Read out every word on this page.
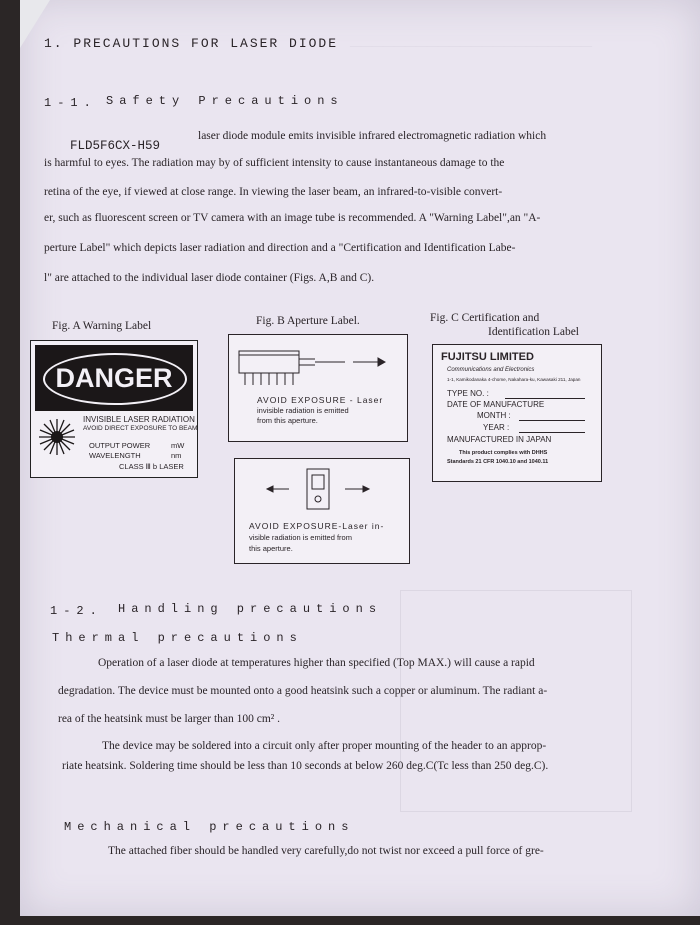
——————————————————————
1. PRECAUTIONS FOR LASER DIODE
1-1. Safety Precautions
FLD5F6CX-H59
laser diode module emits invisible infrared electromagnetic radiation which
is harmful to eyes. The radiation may by of sufficient intensity to cause instantaneous damage to the
retina of the eye, if viewed at close range. In viewing the laser beam, an infrared-to-visible convert-
er, such as fluorescent screen or TV camera with an image tube is recommended. A "Warning Label",an "A-
perture Label" which depicts laser radiation and direction and a "Certification and Identification Labe-
l" are attached to the individual laser diode container (Figs. A,B and C).
Fig. A Warning Label	Fig. B Aperture Label.	Fig. C Certification and
Identification Label
DANGER
INVISIBLE LASER RADIATION
AVOID DIRECT EXPOSURE TO BEAM
OUTPUT POWER	mW
WAVELENGTH	nm
CLASS Ⅲ b LASER
AVOID EXPOSURE - Laser
invisible radiation is emitted
from this aperture.
AVOID EXPOSURE-Laser in-
visible radiation is emitted from
this aperture.
FUJITSU LIMITED
Communications and Electronics
1-1, Kamikodanaka 4-chome, Nakahara-ku, Kawasaki 211, Japan
TYPE NO. :
DATE OF MANUFACTURE
MONTH :
YEAR :
MANUFACTURED IN JAPAN
This product complies with DHHS
Standards 21 CFR 1040.10 and 1040.11
1-2. Handling precautions
Thermal precautions
Operation of a laser diode at temperatures higher than specified (Top MAX.) will cause a rapid
degradation. The device must be mounted onto a good heatsink such a copper or aluminum. The radiant a-
rea of the heatsink must be larger than 100 cm² .
The device may be soldered into a circuit only after proper mounting of the header to an approp-
riate heatsink. Soldering time should be less than 10 seconds at below 260 deg.C(Tc less than 250 deg.C).
Mechanical precautions
The attached fiber should be handled very carefully,do not twist nor exceed a pull force of gre-
